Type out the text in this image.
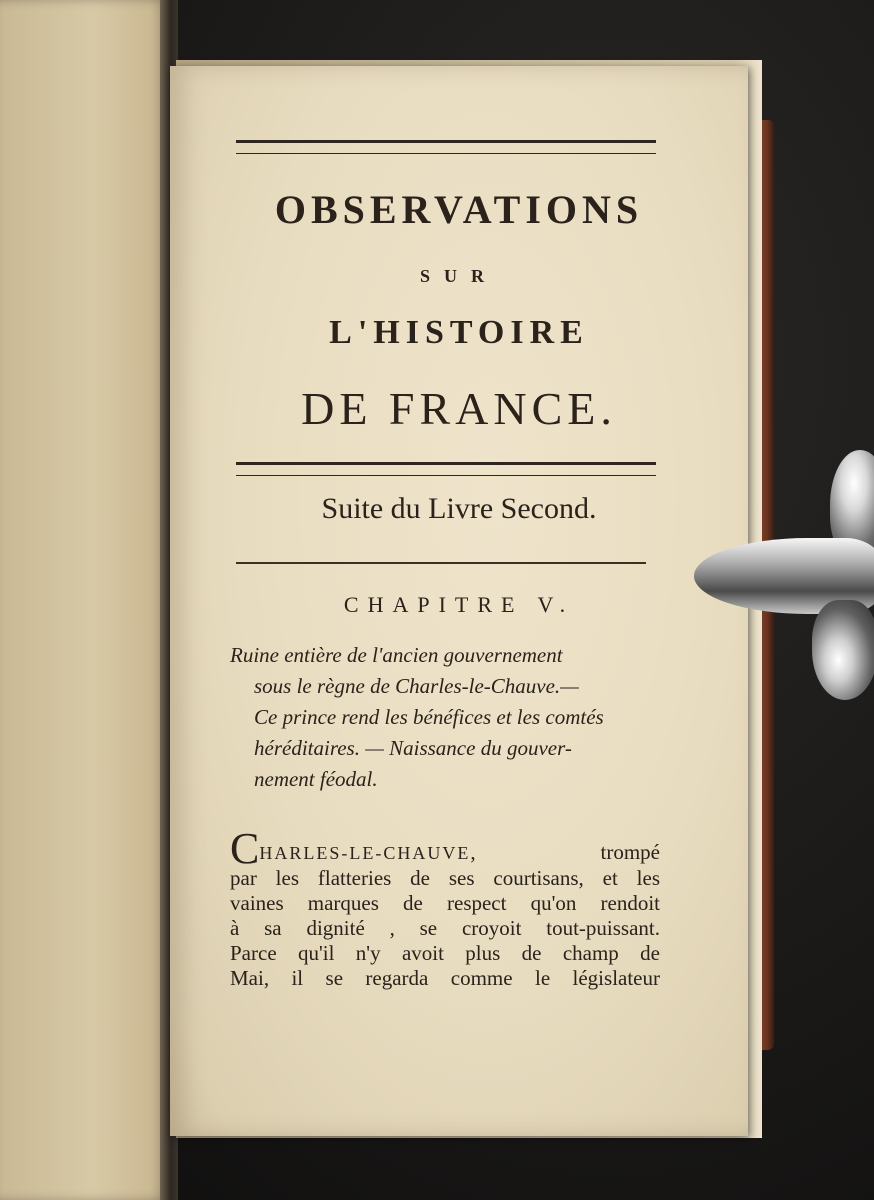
OBSERVATIONS
SUR
L'HISTOIRE
DE FRANCE.
Suite du Livre Second.
CHAPITRE V.
Ruine entière de l'ancien gouvernement
sous le règne de Charles-le-Chauve.—
Ce prince rend les bénéfices et les comtés
héréditaires. — Naissance du gouver-
nement féodal.
CHARLES-LE-CHAUVE, trompé
par les flatteries de ses courtisans, et les
vaines marques de respect qu'on rendoit
à sa dignité , se croyoit tout-puissant.
Parce qu'il n'y avoit plus de champ de
Mai, il se regarda comme le législateur
